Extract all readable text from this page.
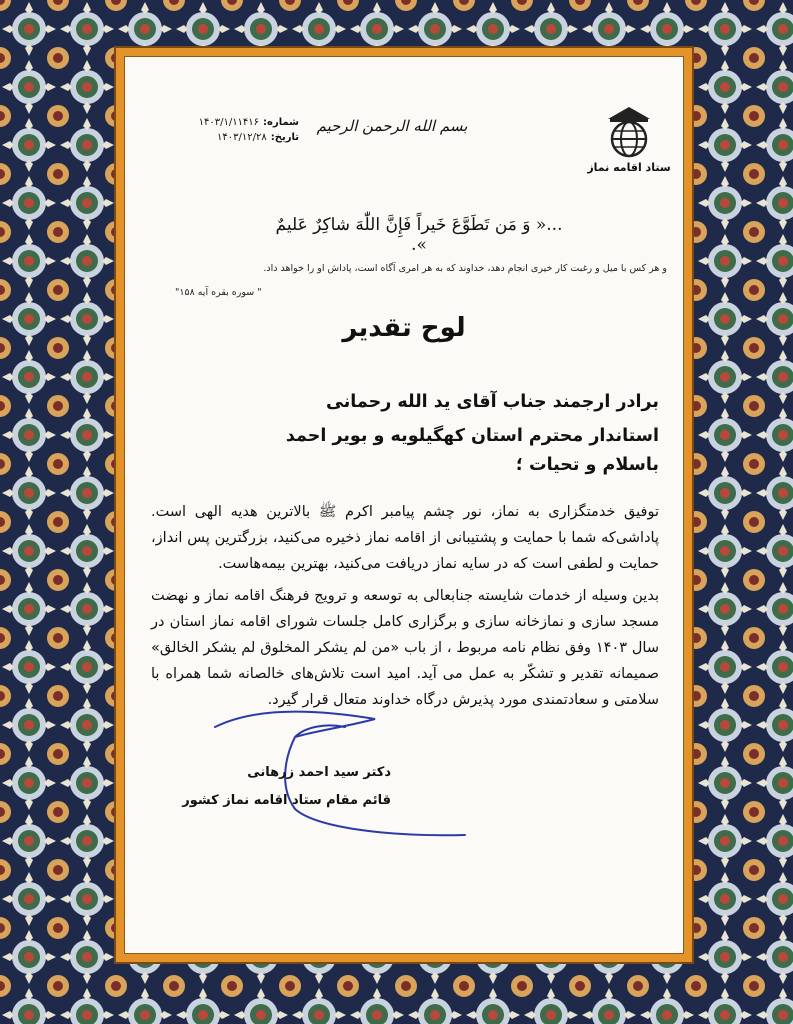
ستاد اقامه نماز
بسم الله الرحمن الرحیم
شماره:
۱۴۰۳/۱/۱۱۴۱۶
تاریخ:
۱۴۰۳/۱۲/۲۸
...« وَ مَن تَطَوَّعَ خَیراً فَإِنَّ اللّٰهَ شاکِرٌ عَلیمٌ ».
و هر کس با میل و رغبت کار خیری انجام دهد، خداوند که به هر امری آگاه است، پاداش او را خواهد داد.
" سوره بقره آیه ۱۵۸"
لوح تقدیر
برادر ارجمند جناب آقای ید الله رحمانی
استاندار محترم استان کهگیلویه و بویر احمد
باسلام و تحیات ؛

توفیق خدمتگزاری به نماز، نور چشم پیامبر اکرم ﷺ بالاترین هدیه الهی است. پاداشی‌که شما با حمایت و پشتیبانی از اقامه نماز ذخیره می‌کنید، بزرگترین پس انداز، حمایت و لطفی است که در سایه نماز دریافت می‌کنید، بهترین بیمه‌هاست.

بدین وسیله از خدمات شایسته جنابعالی به توسعه و ترویج فرهنگ اقامه نماز و نهضت مسجد سازی و نمازخانه سازی و برگزاری کامل جلسات شورای اقامه نماز استان در سال ۱۴۰۳ وفق نظام نامه مربوط ، از باب «من لم یشکر المخلوق لم یشکر الخالق» صمیمانه تقدیر و تشکّر به عمل می آید. امید است تلاش‌های خالصانه شما همراه با سلامتی و سعادتمندی مورد پذیرش درگاه خداوند متعال قرار گیرد.

دکتر سید احمد زرهانی
قائم مقام ستاد اقامه نماز کشور
